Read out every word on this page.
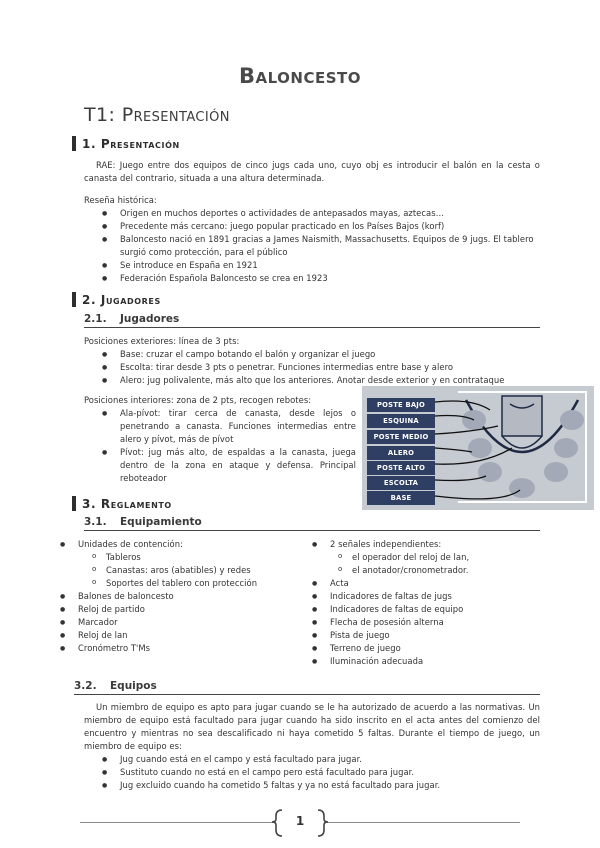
Baloncesto
T1: Presentación
1. Presentación
RAE: Juego entre dos equipos de cinco jugs cada uno, cuyo obj es introducir el balón en la cesta o canasta del contrario, situada a una altura determinada.
Reseña histórica:
● Origen en muchos deportes o actividades de antepasados mayas, aztecas…
● Precedente más cercano: juego popular practicado en los Países Bajos (korf)
● Baloncesto nació en 1891 gracias a James Naismith, Massachusetts. Equipos de 9 jugs. El tablero surgió como protección, para el público
● Se introduce en España en 1921
● Federación Española Baloncesto se crea en 1923
2. Jugadores
2.1. Jugadores
Posiciones exteriores: línea de 3 pts:
● Base: cruzar el campo botando el balón y organizar el juego
● Escolta: tirar desde 3 pts o penetrar. Funciones intermedias entre base y alero
● Alero: jug polivalente, más alto que los anteriores. Anotar desde exterior y en contrataque
Posiciones interiores: zona de 2 pts, recogen rebotes:
● Ala-pívot: tirar cerca de canasta, desde lejos o penetrando a canasta. Funciones intermedias entre alero y pívot, más de pívot
● Pívot: jug más alto, de espaldas a la canasta, juega dentro de la zona en ataque y defensa. Principal reboteador
POSTE BAJO
ESQUINA
POSTE MEDIO
ALERO
POSTE ALTO
ESCOLTA
BASE
3. Reglamento
3.1. Equipamiento
● Unidades de contención:
o Tableros
o Canastas: aros (abatibles) y redes
o Soportes del tablero con protección
● Balones de baloncesto
● Reloj de partido
● Marcador
● Reloj de lan
● Cronómetro T'Ms
● 2 señales independientes:
o el operador del reloj de lan,
o el anotador/cronometrador.
● Acta
● Indicadores de faltas de jugs
● Indicadores de faltas de equipo
● Flecha de posesión alterna
● Pista de juego
● Terreno de juego
● Iluminación adecuada
3.2. Equipos
Un miembro de equipo es apto para jugar cuando se le ha autorizado de acuerdo a las normativas. Un miembro de equipo está facultado para jugar cuando ha sido inscrito en el acta antes del comienzo del encuentro y mientras no sea descalificado ni haya cometido 5 faltas. Durante el tiempo de juego, un miembro de equipo es:
● Jug cuando está en el campo y está facultado para jugar.
● Sustituto cuando no está en el campo pero está facultado para jugar.
● Jug excluido cuando ha cometido 5 faltas y ya no está facultado para jugar.
1
